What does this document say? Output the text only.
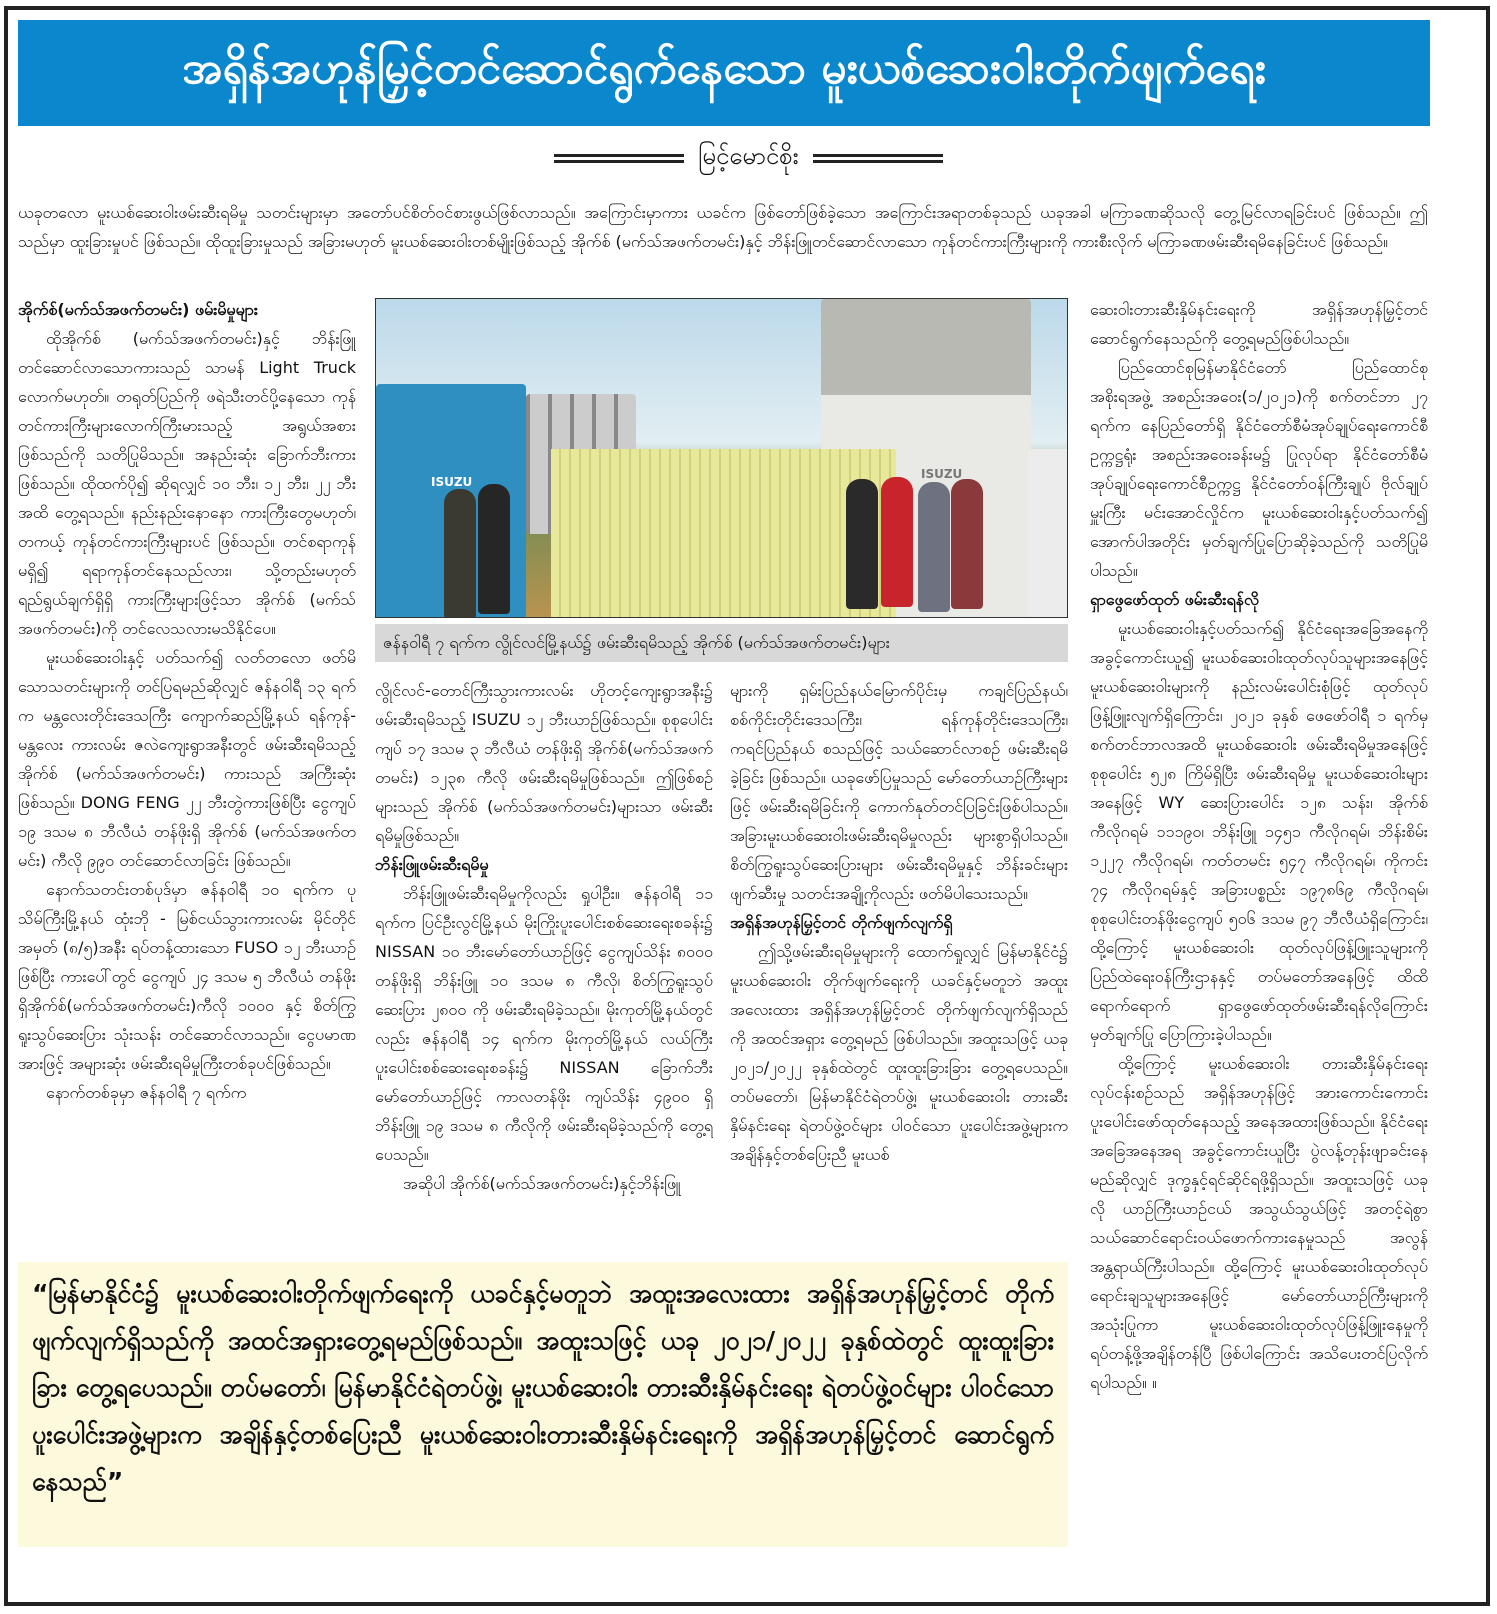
အရှိန်အဟုန်မြှင့်တင်ဆောင်ရွက်နေသော မူးယစ်ဆေးဝါးတိုက်ဖျက်ရေး
မြင့်မောင်စိုး

ယခုတလော မူးယစ်ဆေးဝါးဖမ်းဆီးရမိမှု သတင်းများမှာ အတော်ပင်စိတ်ဝင်စားဖွယ်ဖြစ်လာသည်။ အကြောင်းမှာကား ယခင်က ဖြစ်တော်ဖြစ်ခဲ့သော အကြောင်းအရာတစ်ခုသည် ယခုအခါ မကြာခဏဆိုသလို တွေ့မြင်လာရခြင်းပင် ဖြစ်သည်။ ဤသည်မှာ ထူးခြားမှုပင် ဖြစ်သည်။ ထိုထူးခြားမှုသည် အခြားမဟုတ် မူးယစ်ဆေးဝါးတစ်မျိုးဖြစ်သည့် အိုက်စ် (မက်သ်အဖက်တမင်း)နှင့် ဘိန်းဖြူတင်ဆောင်လာသော ကုန်တင်ကားကြီးများကို ကားစီးလိုက် မကြာခဏဖမ်းဆီးရမိနေခြင်းပင် ဖြစ်သည်။

အိုက်စ်(မက်သ်အဖက်တမင်း) ဖမ်းမိမှုများ

ထိုအိုက်စ် (မက်သ်အဖက်တမင်း)နှင့် ဘိန်းဖြူတင်ဆောင်လာသောကားသည် သာမန် Light Truck လောက်မဟုတ်။ တရုတ်ပြည်ကို ဖရဲသီးတင်ပို့နေသော ကုန်တင်ကားကြီးများလောက်ကြီးမားသည့် အရွယ်အစားဖြစ်သည်ကို သတိပြုမိသည်။ အနည်းဆုံး ခြောက်ဘီးကားဖြစ်သည်။ ထိုထက်ပို၍ ဆိုရလျှင် ၁၀ ဘီး၊ ၁၂ ဘီး၊ ၂၂ ဘီးအထိ တွေ့ရသည်။ နည်းနည်းနောနော ကားကြီးတွေမဟုတ်၊ တကယ့် ကုန်တင်ကားကြီးများပင် ဖြစ်သည်။ တင်စရာကုန် မရှိ၍ ရရာကုန်တင်နေသည်လား၊ သို့တည်းမဟုတ် ရည်ရွယ်ချက်ရှိရှိ ကားကြီးများဖြင့်သာ အိုက်စ် (မက်သ်အဖက်တမင်း)ကို တင်လေသလားမသိနိုင်ပေ။

မူးယစ်ဆေးဝါးနှင့် ပတ်သက်၍ လတ်တလော ဖတ်မိသောသတင်းများကို တင်ပြရမည်ဆိုလျှင် ဇန်နဝါရီ ၁၃ ရက်က မန္တလေးတိုင်းဒေသကြီး ကျောက်ဆည်မြို့နယ် ရန်ကုန်-မန္တလေး ကားလမ်း ဇလဲကျေးရွာအနီးတွင် ဖမ်းဆီးရမိသည့် အိုက်စ် (မက်သ်အဖက်တမင်း) ကားသည် အကြီးဆုံး ဖြစ်သည်။ DONG FENG ၂၂ ဘီးတွဲကားဖြစ်ပြီး ငွေကျပ် ၁၉ ဒသမ ၈ ဘီလီယံ တန်ဖိုးရှိ အိုက်စ် (မက်သ်အဖက်တမင်း) ကီလို ၉၉၀ တင်ဆောင်လာခြင်း ဖြစ်သည်။

နောက်သတင်းတစ်ပုဒ်မှာ ဇန်နဝါရီ ၁၀ ရက်က ပုသိမ်ကြီးမြို့နယ် ထုံးဘို - မြစ်ငယ်သွားကားလမ်း မိုင်တိုင်အမှတ် (၈/၅)အနီး ရပ်တန့်ထားသော FUSO ၁၂ ဘီးယာဉ်ဖြစ်ပြီး ကားပေါ်တွင် ငွေကျပ် ၂၄ ဒသမ ၅ ဘီလီယံ တန်ဖိုးရှိအိုက်စ်(မက်သ်အဖက်တမင်း)ကီလို ၁၀၀၀ နှင့် စိတ်ကြွရူးသွပ်ဆေးပြား သုံးသန်း တင်ဆောင်လာသည်။ ငွေပမာဏအားဖြင့် အများဆုံး ဖမ်းဆီးရမိမှုကြီးတစ်ခုပင်ဖြစ်သည်။

နောက်တစ်ခုမှာ ဇန်နဝါရီ ၇ ရက်က

ISUZU
ISUZU
ဇန်နဝါရီ ၇ ရက်က လွိုင်လင်မြို့နယ်၌ ဖမ်းဆီးရမိသည့် အိုက်စ် (မက်သ်အဖက်တမင်း)များ

လွိုင်လင်-တောင်ကြီးသွားကားလမ်း ဟိုတင့်ကျေးရွာအနီး၌ ဖမ်းဆီးရမိသည့် ISUZU ၁၂ ဘီးယာဉ်ဖြစ်သည်။ စုစုပေါင်း ကျပ် ၁၇ ဒသမ ၃ ဘီလီယံ တန်ဖိုးရှိ အိုက်စ်(မက်သ်အဖက်တမင်း) ၁၂၃၈ ကီလို ဖမ်းဆီးရမိမှုဖြစ်သည်။ ဤဖြစ်စဉ်များသည် အိုက်စ် (မက်သ်အဖက်တမင်း)များသာ ဖမ်းဆီးရမိမှုဖြစ်သည်။

ဘိန်းဖြူဖမ်းဆီးရမိမှု

ဘိန်းဖြူဖမ်းဆီးရမိမှုကိုလည်း ရှုပါဦး။ ဇန်နဝါရီ ၁၁ ရက်က ပြင်ဦးလွင်မြို့နယ် မိုးကြိုးပူးပေါင်းစစ်ဆေးရေးစခန်း၌ NISSAN ၁၀ ဘီးမော်တော်ယာဉ်ဖြင့် ငွေကျပ်သိန်း ၈၀၀၀ တန်ဖိုးရှိ ဘိန်းဖြူ ၁၀ ဒသမ ၈ ကီလို၊ စိတ်ကြွရူးသွပ်ဆေးပြား ၂၈၀၀ ကို ဖမ်းဆီးရမိခဲ့သည်။ မိုးကုတ်မြို့နယ်တွင်လည်း ဇန်နဝါရီ ၁၄ ရက်က မိုးကုတ်မြို့နယ် လယ်ကြီး ပူးပေါင်းစစ်ဆေးရေးစခန်း၌ NISSAN ခြောက်ဘီး မော်တော်ယာဉ်ဖြင့် ကာလတန်ဖိုး ကျပ်သိန်း ၄၉၀၀ ရှိဘိန်းဖြူ ၁၉ ဒသမ ၈ ကီလိုကို ဖမ်းဆီးရမိခဲ့သည်ကို တွေ့ရပေသည်။

အဆိုပါ အိုက်စ်(မက်သ်အဖက်တမင်း)နှင့်ဘိန်းဖြူ

များကို ရှမ်းပြည်နယ်မြောက်ပိုင်းမှ ကချင်ပြည်နယ်၊ စစ်ကိုင်းတိုင်းဒေသကြီး၊ ရန်ကုန်တိုင်းဒေသကြီး၊ ကရင်ပြည်နယ် စသည်ဖြင့် သယ်ဆောင်လာစဉ် ဖမ်းဆီးရမိခဲ့ခြင်း ဖြစ်သည်။ ယခုဖော်ပြမှုသည် မော်တော်ယာဉ်ကြီးများဖြင့် ဖမ်းဆီးရမိခြင်းကို ကောက်နုတ်တင်ပြခြင်းဖြစ်ပါသည်။ အခြားမူးယစ်ဆေးဝါးဖမ်းဆီးရမိမှုလည်း များစွာရှိပါသည်။ စိတ်ကြွရူးသွပ်ဆေးပြားများ ဖမ်းဆီးရမိမှုနှင့် ဘိန်းခင်းများ ဖျက်ဆီးမှု သတင်းအချို့ကိုလည်း ဖတ်မိပါသေးသည်။

အရှိန်အဟုန်မြှင့်တင် တိုက်ဖျက်လျက်ရှိ

ဤသို့ဖမ်းဆီးရမိမှုများကို ထောက်ရှုလျှင် မြန်မာနိုင်ငံ၌ မူးယစ်ဆေးဝါး တိုက်ဖျက်ရေးကို ယခင်နှင့်မတူဘဲ အထူးအလေးထား အရှိန်အဟုန်မြှင့်တင် တိုက်ဖျက်လျက်ရှိသည်ကို အထင်အရှား တွေ့ရမည် ဖြစ်ပါသည်။ အထူးသဖြင့် ယခု ၂၀၂၁/၂၀၂၂ ခုနှစ်ထဲတွင် ထူးထူးခြားခြား တွေ့ရပေသည်။ တပ်မတော်၊ မြန်မာနိုင်ငံရဲတပ်ဖွဲ့၊ မူးယစ်ဆေးဝါး တားဆီးနှိမ်နင်းရေး ရဲတပ်ဖွဲ့ဝင်များ ပါဝင်သော ပူးပေါင်းအဖွဲ့များက အချိန်နှင့်တစ်ပြေးညီ မူးယစ်

ဆေးဝါးတားဆီးနှိမ်နင်းရေးကို အရှိန်အဟုန်မြှင့်တင် ဆောင်ရွက်နေသည်ကို တွေ့ရမည်ဖြစ်ပါသည်။

ပြည်ထောင်စုမြန်မာနိုင်ငံတော် ပြည်ထောင်စုအစိုးရအဖွဲ့ အစည်းအဝေး(၁/၂၀၂၁)ကို စက်တင်ဘာ ၂၇ ရက်က နေပြည်တော်ရှိ နိုင်ငံတော်စီမံအုပ်ချုပ်ရေးကောင်စီဥက္ကဋ္ဌရုံး အစည်းအဝေးခန်းမ၌ ပြုလုပ်ရာ နိုင်ငံတော်စီမံအုပ်ချုပ်ရေးကောင်စီဥက္ကဋ္ဌ နိုင်ငံတော်ဝန်ကြီးချုပ် ဗိုလ်ချုပ်မှူးကြီး မင်းအောင်လှိုင်က မူးယစ်ဆေးဝါးနှင့်ပတ်သက်၍ အောက်ပါအတိုင်း မှတ်ချက်ပြုပြောဆိုခဲ့သည်ကို သတိပြုမိပါသည်။

ရှာဖွေဖော်ထုတ် ဖမ်းဆီးရန်လို

မူးယစ်ဆေးဝါးနှင့်ပတ်သက်၍ နိုင်ငံရေးအခြေအနေကို အခွင့်ကောင်းယူ၍ မူးယစ်ဆေးဝါးထုတ်လုပ်သူများအနေဖြင့် မူးယစ်ဆေးဝါးများကို နည်းလမ်းပေါင်းစုံဖြင့် ထုတ်လုပ်ဖြန့်ဖြူးလျက်ရှိကြောင်း၊ ၂၀၂၁ ခုနှစ် ဖေဖော်ဝါရီ ၁ ရက်မှ စက်တင်ဘာလအထိ မူးယစ်ဆေးဝါး ဖမ်းဆီးရမိမှုအနေဖြင့် စုစုပေါင်း ၅၂၈ ကြိမ်ရှိပြီး ဖမ်းဆီးရမိမှု မူးယစ်ဆေးဝါးများအနေဖြင့် WY ဆေးပြားပေါင်း ၁၂၈ သန်း၊ အိုက်စ် ကီလိုဂရမ် ၁၁၁၉၀၊ ဘိန်းဖြူ ၁၄၅၁ ကီလိုဂရမ်၊ ဘိန်းစိမ်း ၁၂၂၇ ကီလိုဂရမ်၊ ကတ်တမင်း ၅၄၇ ကီလိုဂရမ်၊ ကိုကင်း ၇၄ ကီလိုဂရမ်နှင့် အခြားပစ္စည်း ၁၉၇၈၆၉ ကီလိုဂရမ်၊ စုစုပေါင်းတန်ဖိုးငွေကျပ် ၅၀၆ ဒသမ ၉၇ ဘီလီယံရှိကြောင်း၊ ထို့ကြောင့် မူးယစ်ဆေးဝါး ထုတ်လုပ်ဖြန့်ဖြူးသူများကို ပြည်ထဲရေးဝန်ကြီးဌာနနှင့် တပ်မတော်အနေဖြင့် ထိထိရောက်ရောက် ရှာဖွေဖော်ထုတ်ဖမ်းဆီးရန်လိုကြောင်း မှတ်ချက်ပြု ပြောကြားခဲ့ပါသည်။

ထို့ကြောင့် မူးယစ်ဆေးဝါး တားဆီးနှိမ်နင်းရေး လုပ်ငန်းစဉ်သည် အရှိန်အဟုန်ဖြင့် အားကောင်းကောင်း ပူးပေါင်းဖော်ထုတ်နေသည့် အနေအထားဖြစ်သည်။ နိုင်ငံရေးအခြေအနေအရ အခွင့်ကောင်းယူပြီး ပွဲလန့်တုန်းဖျာခင်းနေမည်ဆိုလျှင် ဒုက္ခနှင့်ရင်ဆိုင်ရဖို့ရှိသည်။ အထူးသဖြင့် ယခုလို ယာဉ်ကြီးယာဉ်ငယ် အသွယ်သွယ်ဖြင့် အတင့်ရဲစွာ သယ်ဆောင်ရောင်းဝယ်ဖောက်ကားနေမှုသည် အလွန်အန္တရာယ်ကြီးပါသည်။ ထို့ကြောင့် မူးယစ်ဆေးဝါးထုတ်လုပ်ရောင်းချသူများအနေဖြင့် မော်တော်ယာဉ်ကြီးများကို အသုံးပြုကာ မူးယစ်ဆေးဝါးထုတ်လုပ်ဖြန့်ဖြူးနေမှုကို ရပ်တန့်ဖို့အချိန်တန်ပြီ ဖြစ်ပါကြောင်း အသိပေးတင်ပြလိုက်ရပါသည်။ ။

“မြန်မာနိုင်ငံ၌ မူးယစ်ဆေးဝါးတိုက်ဖျက်ရေးကို ယခင်နှင့်မတူဘဲ အထူးအလေးထား အရှိန်အဟုန်မြှင့်တင် တိုက်ဖျက်လျက်ရှိသည်ကို အထင်အရှားတွေ့ရမည်ဖြစ်သည်။ အထူးသဖြင့် ယခု ၂၀၂၁/၂၀၂၂ ခုနှစ်ထဲတွင် ထူးထူးခြားခြား တွေ့ရပေသည်။ တပ်မတော်၊ မြန်မာနိုင်ငံရဲတပ်ဖွဲ့၊ မူးယစ်ဆေးဝါး တားဆီးနှိမ်နင်းရေး ရဲတပ်ဖွဲ့ဝင်များ ပါဝင်သော ပူးပေါင်းအဖွဲ့များက အချိန်နှင့်တစ်ပြေးညီ မူးယစ်ဆေးဝါးတားဆီးနှိမ်နင်းရေးကို အရှိန်အဟုန်မြှင့်တင် ဆောင်ရွက်နေသည်”
